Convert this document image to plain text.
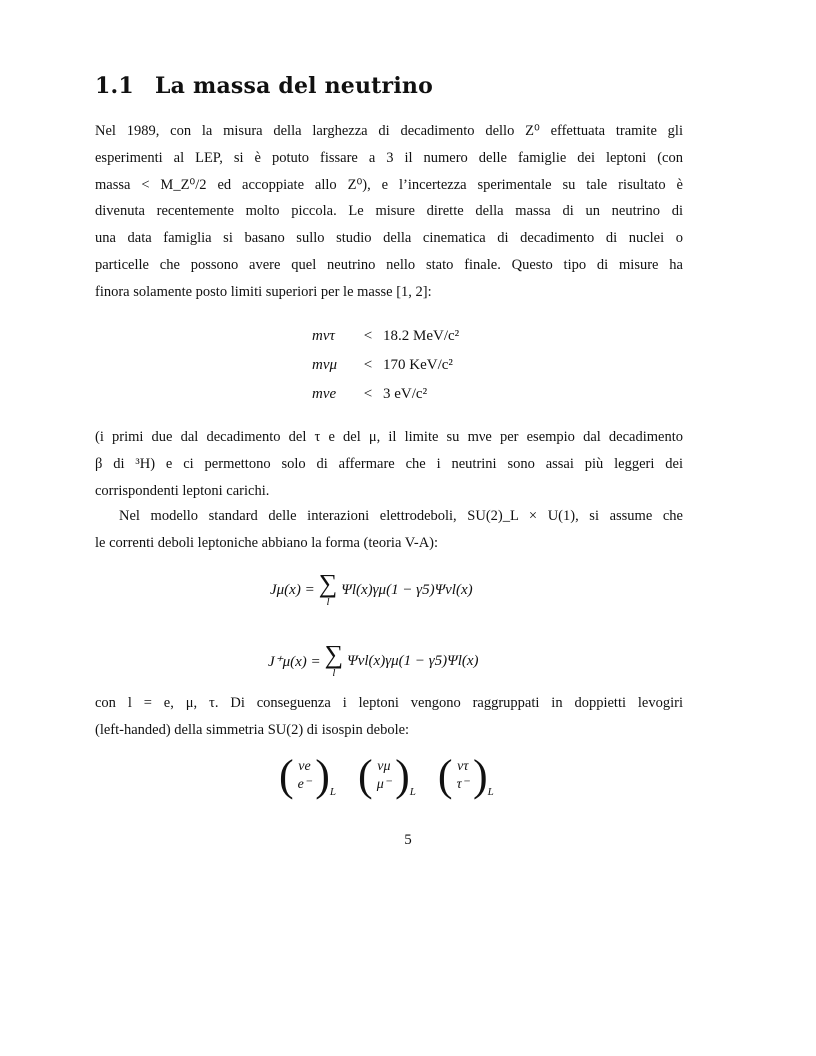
1.1 La massa del neutrino
Nel 1989, con la misura della larghezza di decadimento dello Z⁰ effettuata tramite gli
esperimenti al LEP, si è potuto fissare a 3 il numero delle famiglie dei leptoni (con
massa < M_Z⁰/2 ed accoppiate allo Z⁰), e l’incertezza sperimentale su tale risultato è
divenuta recentemente molto piccola. Le misure dirette della massa di un neutrino di
una data famiglia si basano sullo studio della cinematica di decadimento di nuclei o
particelle che possono avere quel neutrino nello stato finale. Questo tipo di misure ha
finora solamente posto limiti superiori per le masse [1, 2]:
mντ	< 18.2 MeV/c²
mνμ	< 170 KeV/c²
mνe	< 3 eV/c²
(i primi due dal decadimento del τ e del μ, il limite su mνe per esempio dal decadimento
β di ³H) e ci permettono solo di affermare che i neutrini sono assai più leggeri dei
corrispondenti leptoni carichi.
Nel modello standard delle interazioni elettrodeboli, SU(2)_L × U(1), si assume che
le correnti deboli leptoniche abbiano la forma (teoria V-A):
Jμ(x) = ∑
l
Ψl(x)γμ(1 − γ5)Ψνl(x)
J⁺μ(x) = ∑
l
Ψνl(x)γμ(1 − γ5)Ψl(x)
con l = e, μ, τ. Di conseguenza i leptoni vengono raggruppati in doppietti levogiri
(left-handed) della simmetria SU(2) di isospin debole:
( νe
e⁻ ) L ( νμ
μ⁻ ) L ( ντ
τ⁻ ) L
5
